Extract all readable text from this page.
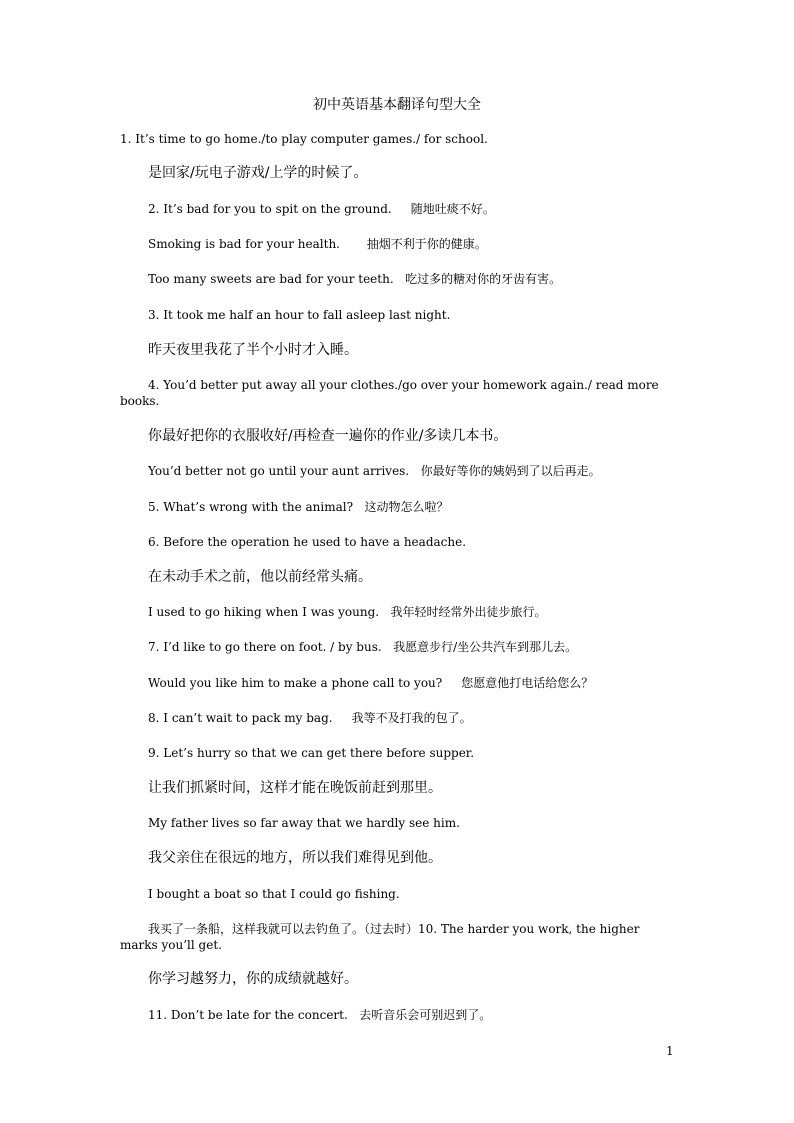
初中英语基本翻译句型大全
1. It’s time to go home./to play computer games./ for school.
是回家/玩电子游戏/上学的时候了。
2. It’s bad for you to spit on the ground.     随地吐痰不好。
Smoking is bad for your health.       抽烟不利于你的健康。
Too many sweets are bad for your teeth.   吃过多的糖对你的牙齿有害。
3. It took me half an hour to fall asleep last night.
昨天夜里我花了半个小时才入睡。
4. You’d better put away all your clothes./go over your homework again./ read more books.
你最好把你的衣服收好/再检查一遍你的作业/多读几本书。
You’d better not go until your aunt arrives.   你最好等你的姨妈到了以后再走。
5. What’s wrong with the animal?   这动物怎么啦？
6. Before the operation he used to have a headache.
在未动手术之前，他以前经常头痛。
I used to go hiking when I was young.   我年轻时经常外出徒步旅行。
7. I’d like to go there on foot. / by bus.   我愿意步行/坐公共汽车到那儿去。
Would you like him to make a phone call to you?     您愿意他打电话给您么？
8. I can’t wait to pack my bag.     我等不及打我的包了。
9. Let’s hurry so that we can get there before supper.
让我们抓紧时间，这样才能在晚饭前赶到那里。
My father lives so far away that we hardly see him.
我父亲住在很远的地方，所以我们难得见到他。
I bought a boat so that I could go fishing.
我买了一条船，这样我就可以去钓鱼了。（过去时）10. The harder you work, the higher marks you’ll get.
你学习越努力，你的成绩就越好。
11. Don’t be late for the concert.   去听音乐会可别迟到了。
1
